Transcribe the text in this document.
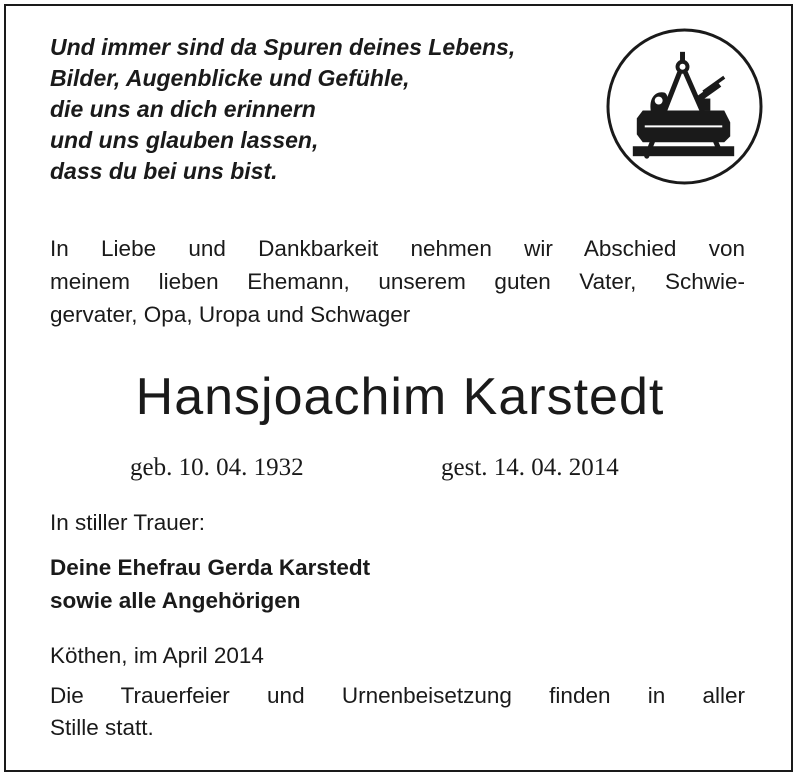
Und immer sind da Spuren deines Lebens,
Bilder, Augenblicke und Gefühle,
die uns an dich erinnern
und uns glauben lassen,
dass du bei uns bist.

In Liebe und Dankbarkeit nehmen wir Abschied von
meinem lieben Ehemann, unserem guten Vater, Schwie-
gervater, Opa, Uropa und Schwager

Hansjoachim Karstedt
geb. 10. 04. 1932	gest. 14. 04. 2014
In stiller Trauer:
Deine Ehefrau Gerda Karstedt
sowie alle Angehörigen
Köthen, im April 2014
Die Trauerfeier und Urnenbeisetzung finden in aller
Stille statt.
